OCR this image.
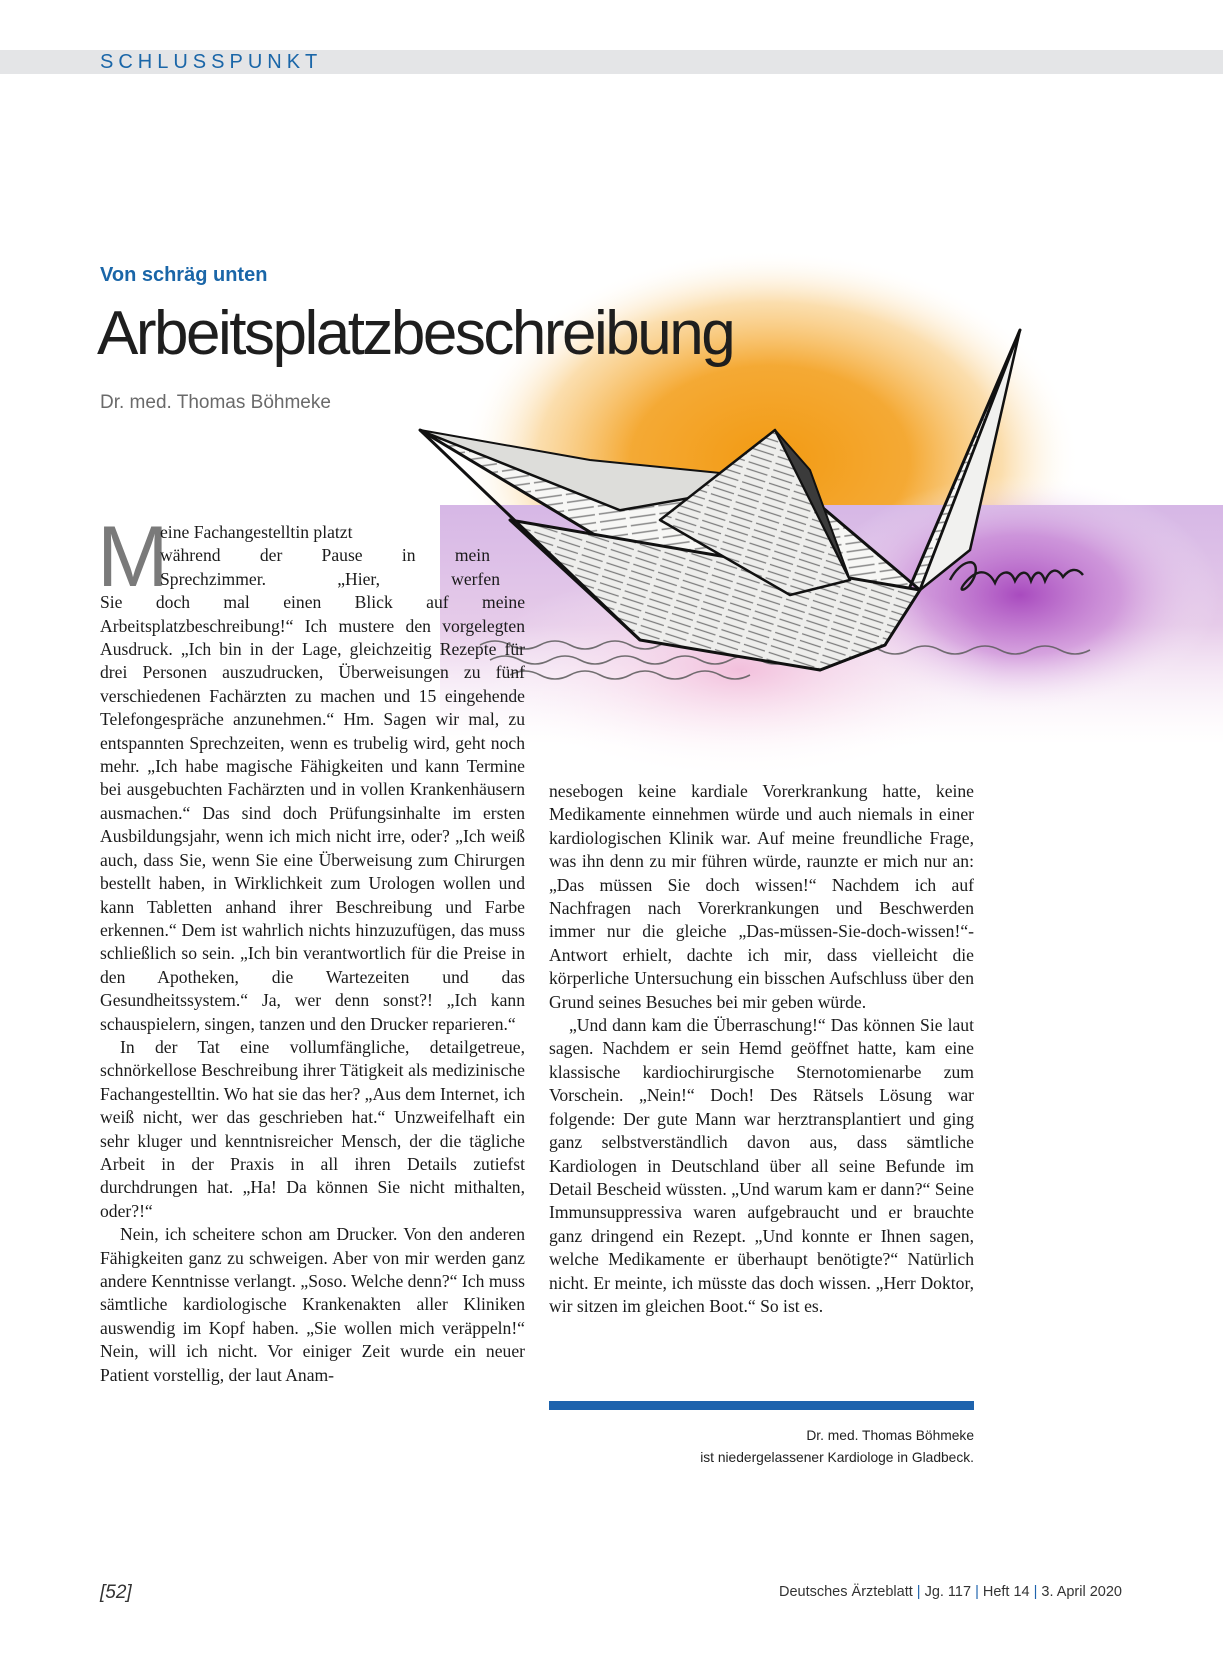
SCHLUSSPUNKT
Von schräg unten
Arbeitsplatzbeschreibung
Dr. med. Thomas Böhmeke
M
eine Fachangestelltin platzt
während der Pause in mein
Sprechzimmer. „Hier, werfen

Sie doch mal einen Blick auf meine Arbeitsplatzbeschreibung!“ Ich mustere den vorgelegten Ausdruck. „Ich bin in der Lage, gleichzeitig Rezepte für drei Personen auszudrucken, Überweisungen zu fünf verschiedenen Fachärzten zu machen und 15 eingehende Telefongespräche anzunehmen.“ Hm. Sagen wir mal, zu entspannten Sprechzeiten, wenn es trubelig wird, geht noch mehr. „Ich habe magische Fähigkeiten und kann Termine bei ausgebuchten Fachärzten und in vollen Krankenhäusern ausmachen.“ Das sind doch Prüfungsinhalte im ersten Ausbildungsjahr, wenn ich mich nicht irre, oder? „Ich weiß auch, dass Sie, wenn Sie eine Überweisung zum Chirurgen bestellt haben, in Wirklichkeit zum Urologen wollen und kann Tabletten anhand ihrer Beschreibung und Farbe erkennen.“ Dem ist wahrlich nichts hinzuzufügen, das muss schließlich so sein. „Ich bin verantwortlich für die Preise in den Apotheken, die Wartezeiten und das Gesundheitssystem.“ Ja, wer denn sonst?! „Ich kann schauspielern, singen, tanzen und den Drucker reparieren.“

In der Tat eine vollumfängliche, detailgetreue, schnörkellose Beschreibung ihrer Tätigkeit als medizinische Fachangestelltin. Wo hat sie das her? „Aus dem Internet, ich weiß nicht, wer das geschrieben hat.“ Unzweifelhaft ein sehr kluger und kenntnisreicher Mensch, der die tägliche Arbeit in der Praxis in all ihren Details zutiefst durchdrungen hat. „Ha! Da können Sie nicht mithalten, oder?!“

Nein, ich scheitere schon am Drucker. Von den anderen Fähigkeiten ganz zu schweigen. Aber von mir werden ganz andere Kenntnisse verlangt. „Soso. Welche denn?“ Ich muss sämtliche kardiologische Krankenakten aller Kliniken auswendig im Kopf haben. „Sie wollen mich veräppeln!“ Nein, will ich nicht. Vor einiger Zeit wurde ein neuer Patient vorstellig, der laut Anam-

nesebogen keine kardiale Vorerkrankung hatte, keine Medikamente einnehmen würde und auch niemals in einer kardiologischen Klinik war. Auf meine freundliche Frage, was ihn denn zu mir führen würde, raunzte er mich nur an: „Das müssen Sie doch wissen!“ Nachdem ich auf Nachfragen nach Vorerkrankungen und Beschwerden immer nur die gleiche „Das-müssen-Sie-doch-wissen!“-Antwort erhielt, dachte ich mir, dass vielleicht die körperliche Untersuchung ein bisschen Aufschluss über den Grund seines Besuches bei mir geben würde.

„Und dann kam die Überraschung!“ Das können Sie laut sagen. Nachdem er sein Hemd geöffnet hatte, kam eine klassische kardiochirurgische Sternotomienarbe zum Vorschein. „Nein!“ Doch! Des Rätsels Lösung war folgende: Der gute Mann war herztransplantiert und ging ganz selbstverständlich davon aus, dass sämtliche Kardiologen in Deutschland über all seine Befunde im Detail Bescheid wüssten. „Und warum kam er dann?“ Seine Immunsuppressiva waren aufgebraucht und er brauchte ganz dringend ein Rezept. „Und konnte er Ihnen sagen, welche Medikamente er überhaupt benötigte?“ Natürlich nicht. Er meinte, ich müsste das doch wissen. „Herr Doktor, wir sitzen im gleichen Boot.“ So ist es.

Dr. med. Thomas Böhmeke
ist niedergelassener Kardiologe in Gladbeck.
[52]	Deutsches Ärzteblatt | Jg. 117 | Heft 14 | 3. April 2020
